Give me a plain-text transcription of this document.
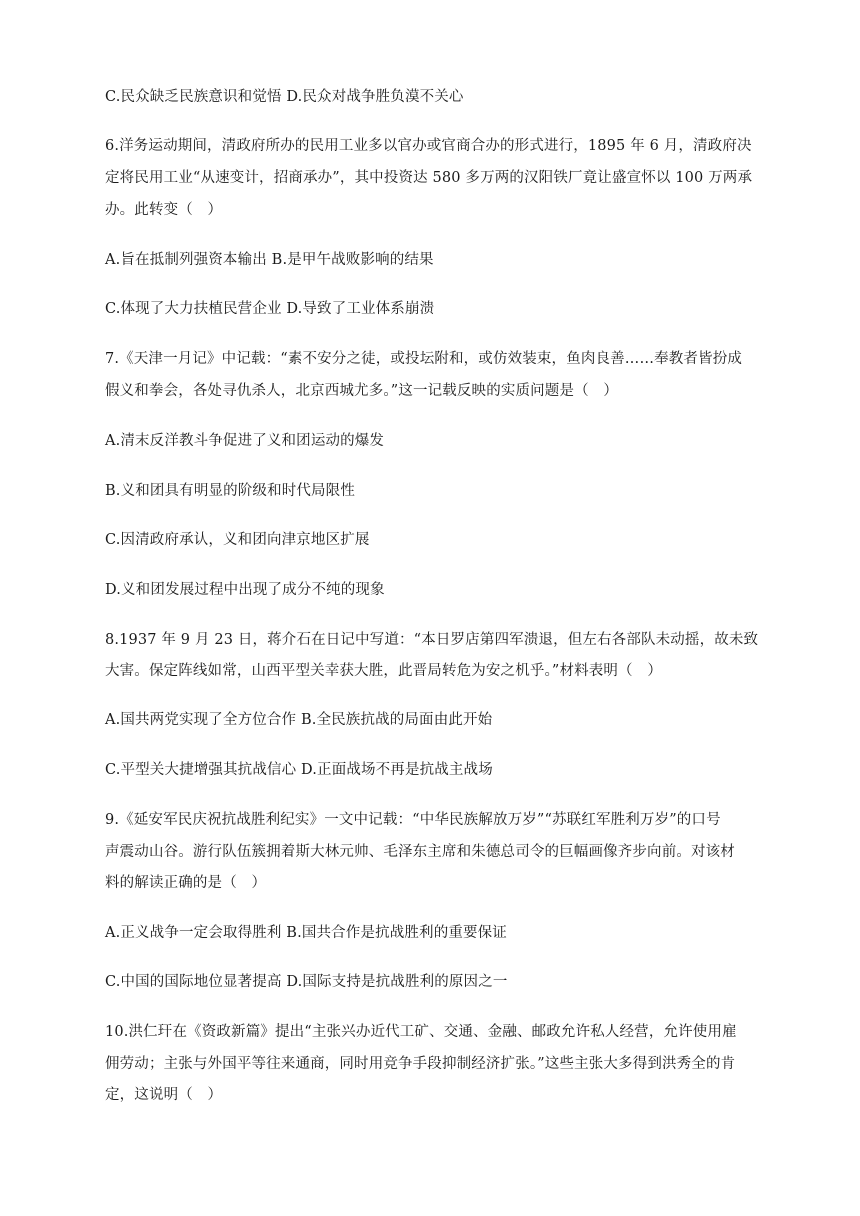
C.民众缺乏民族意识和觉悟 D.民众对战争胜负漠不关心
6.洋务运动期间，清政府所办的民用工业多以官办或官商合办的形式进行，1895 年 6 月，清政府决
定将民用工业“从速变计，招商承办”，其中投资达 580 多万两的汉阳铁厂竟让盛宣怀以 100 万两承
办。此转变（　）
A.旨在抵制列强资本输出 B.是甲午战败影响的结果
C.体现了大力扶植民营企业 D.导致了工业体系崩溃
7.《天津一月记》中记载：“素不安分之徒，或投坛附和，或仿效装束，鱼肉良善……奉教者皆扮成
假义和拳会，各处寻仇杀人，北京西城尤多。”这一记载反映的实质问题是（　）
A.清末反洋教斗争促进了义和团运动的爆发
B.义和团具有明显的阶级和时代局限性
C.因清政府承认，义和团向津京地区扩展
D.义和团发展过程中出现了成分不纯的现象
8.1937 年 9 月 23 日，蒋介石在日记中写道：“本日罗店第四军溃退，但左右各部队未动摇，故未致
大害。保定阵线如常，山西平型关幸获大胜，此晋局转危为安之机乎。”材料表明（　）
A.国共两党实现了全方位合作 B.全民族抗战的局面由此开始
C.平型关大捷增强其抗战信心 D.正面战场不再是抗战主战场
9.《延安军民庆祝抗战胜利纪实》一文中记载：“中华民族解放万岁”“苏联红军胜利万岁”的口号
声震动山谷。游行队伍簇拥着斯大林元帅、毛泽东主席和朱德总司令的巨幅画像齐步向前。对该材
料的解读正确的是（　）
A.正义战争一定会取得胜利 B.国共合作是抗战胜利的重要保证
C.中国的国际地位显著提高 D.国际支持是抗战胜利的原因之一
10.洪仁玕在《资政新篇》提出“主张兴办近代工矿、交通、金融、邮政允许私人经营，允许使用雇
佣劳动；主张与外国平等往来通商，同时用竞争手段抑制经济扩张。”这些主张大多得到洪秀全的肯
定，这说明（　）
